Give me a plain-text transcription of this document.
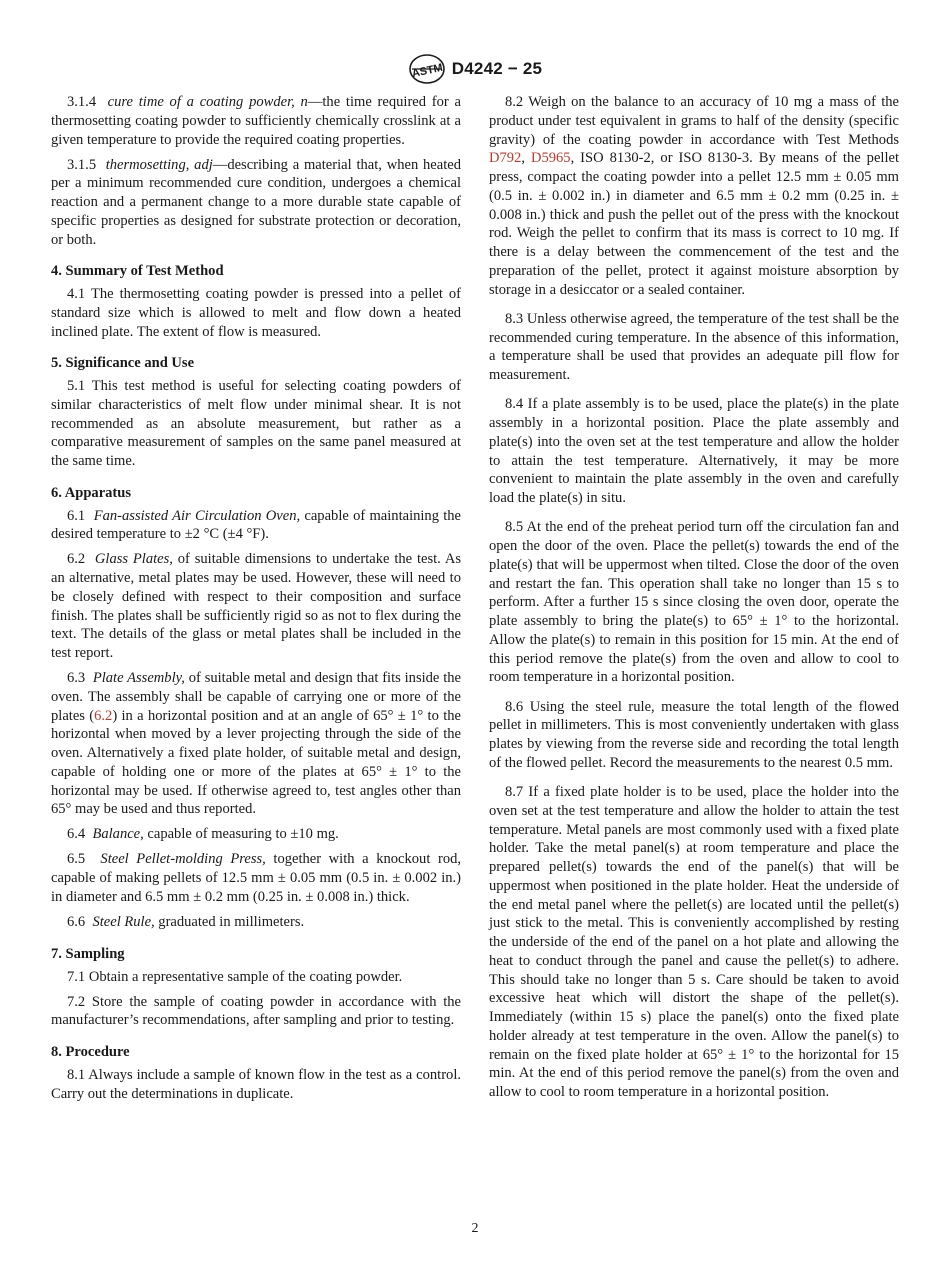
ASTM D4242 − 25

3.1.4 cure time of a coating powder, n—the time required for a thermosetting coating powder to sufficiently chemically crosslink at a given temperature to provide the required coating properties.

3.1.5 thermosetting, adj—describing a material that, when heated per a minimum recommended cure condition, undergoes a chemical reaction and a permanent change to a more durable state capable of specific properties as designed for substrate protection or decoration, or both.

4. Summary of Test Method

4.1 The thermosetting coating powder is pressed into a pellet of standard size which is allowed to melt and flow down a heated inclined plate. The extent of flow is measured.

5. Significance and Use

5.1 This test method is useful for selecting coating powders of similar characteristics of melt flow under minimal shear. It is not recommended as an absolute measurement, but rather as a comparative measurement of samples on the same panel measured at the same time.

6. Apparatus

6.1 Fan-assisted Air Circulation Oven, capable of maintaining the desired temperature to ±2 °C (±4 °F).

6.2 Glass Plates, of suitable dimensions to undertake the test. As an alternative, metal plates may be used. However, these will need to be closely defined with respect to their composition and surface finish. The plates shall be sufficiently rigid so as not to flex during the text. The details of the glass or metal plates shall be included in the test report.

6.3 Plate Assembly, of suitable metal and design that fits inside the oven. The assembly shall be capable of carrying one or more of the plates (6.2) in a horizontal position and at an angle of 65° ± 1° to the horizontal when moved by a lever projecting through the side of the oven. Alternatively a fixed plate holder, of suitable metal and design, capable of holding one or more of the plates at 65° ± 1° to the horizontal may be used. If otherwise agreed to, test angles other than 65° may be used and thus reported.

6.4 Balance, capable of measuring to ±10 mg.

6.5 Steel Pellet-molding Press, together with a knockout rod, capable of making pellets of 12.5 mm ± 0.05 mm (0.5 in. ± 0.002 in.) in diameter and 6.5 mm ± 0.2 mm (0.25 in. ± 0.008 in.) thick.

6.6 Steel Rule, graduated in millimeters.

7. Sampling

7.1 Obtain a representative sample of the coating powder.

7.2 Store the sample of coating powder in accordance with the manufacturer’s recommendations, after sampling and prior to testing.

8. Procedure

8.1 Always include a sample of known flow in the test as a control. Carry out the determinations in duplicate.

8.2 Weigh on the balance to an accuracy of 10 mg a mass of the product under test equivalent in grams to half of the density (specific gravity) of the coating powder in accordance with Test Methods D792, D5965, ISO 8130-2, or ISO 8130-3. By means of the pellet press, compact the coating powder into a pellet 12.5 mm ± 0.05 mm (0.5 in. ± 0.002 in.) in diameter and 6.5 mm ± 0.2 mm (0.25 in. ± 0.008 in.) thick and push the pellet out of the press with the knockout rod. Weigh the pellet to confirm that its mass is correct to 10 mg. If there is a delay between the commencement of the test and the preparation of the pellet, protect it against moisture absorption by storage in a desiccator or a sealed container.

8.3 Unless otherwise agreed, the temperature of the test shall be the recommended curing temperature. In the absence of this information, a temperature shall be used that provides an adequate pill flow for measurement.

8.4 If a plate assembly is to be used, place the plate(s) in the plate assembly in a horizontal position. Place the plate assembly and plate(s) into the oven set at the test temperature and allow the holder to attain the test temperature. Alternatively, it may be more convenient to maintain the plate assembly in the oven and carefully load the plate(s) in situ.

8.5 At the end of the preheat period turn off the circulation fan and open the door of the oven. Place the pellet(s) towards the end of the plate(s) that will be uppermost when tilted. Close the door of the oven and restart the fan. This operation shall take no longer than 15 s to perform. After a further 15 s since closing the oven door, operate the plate assembly to bring the plate(s) to 65° ± 1° to the horizontal. Allow the plate(s) to remain in this position for 15 min. At the end of this period remove the plate(s) from the oven and allow to cool to room temperature in a horizontal position.

8.6 Using the steel rule, measure the total length of the flowed pellet in millimeters. This is most conveniently undertaken with glass plates by viewing from the reverse side and recording the total length of the flowed pellet. Record the measurements to the nearest 0.5 mm.

8.7 If a fixed plate holder is to be used, place the holder into the oven set at the test temperature and allow the holder to attain the test temperature. Metal panels are most commonly used with a fixed plate holder. Take the metal panel(s) at room temperature and place the prepared pellet(s) towards the end of the panel(s) that will be uppermost when positioned in the plate holder. Heat the underside of the end metal panel where the pellet(s) are located until the pellet(s) just stick to the metal. This is conveniently accomplished by resting the underside of the end of the panel on a hot plate and allowing the heat to conduct through the panel and cause the pellet(s) to adhere. This should take no longer than 5 s. Care should be taken to avoid excessive heat which will distort the shape of the pellet(s). Immediately (within 15 s) place the panel(s) onto the fixed plate holder already at test temperature in the oven. Allow the panel(s) to remain on the fixed plate holder at 65° ± 1° to the horizontal for 15 min. At the end of this period remove the panel(s) from the oven and allow to cool to room temperature in a horizontal position.

2
